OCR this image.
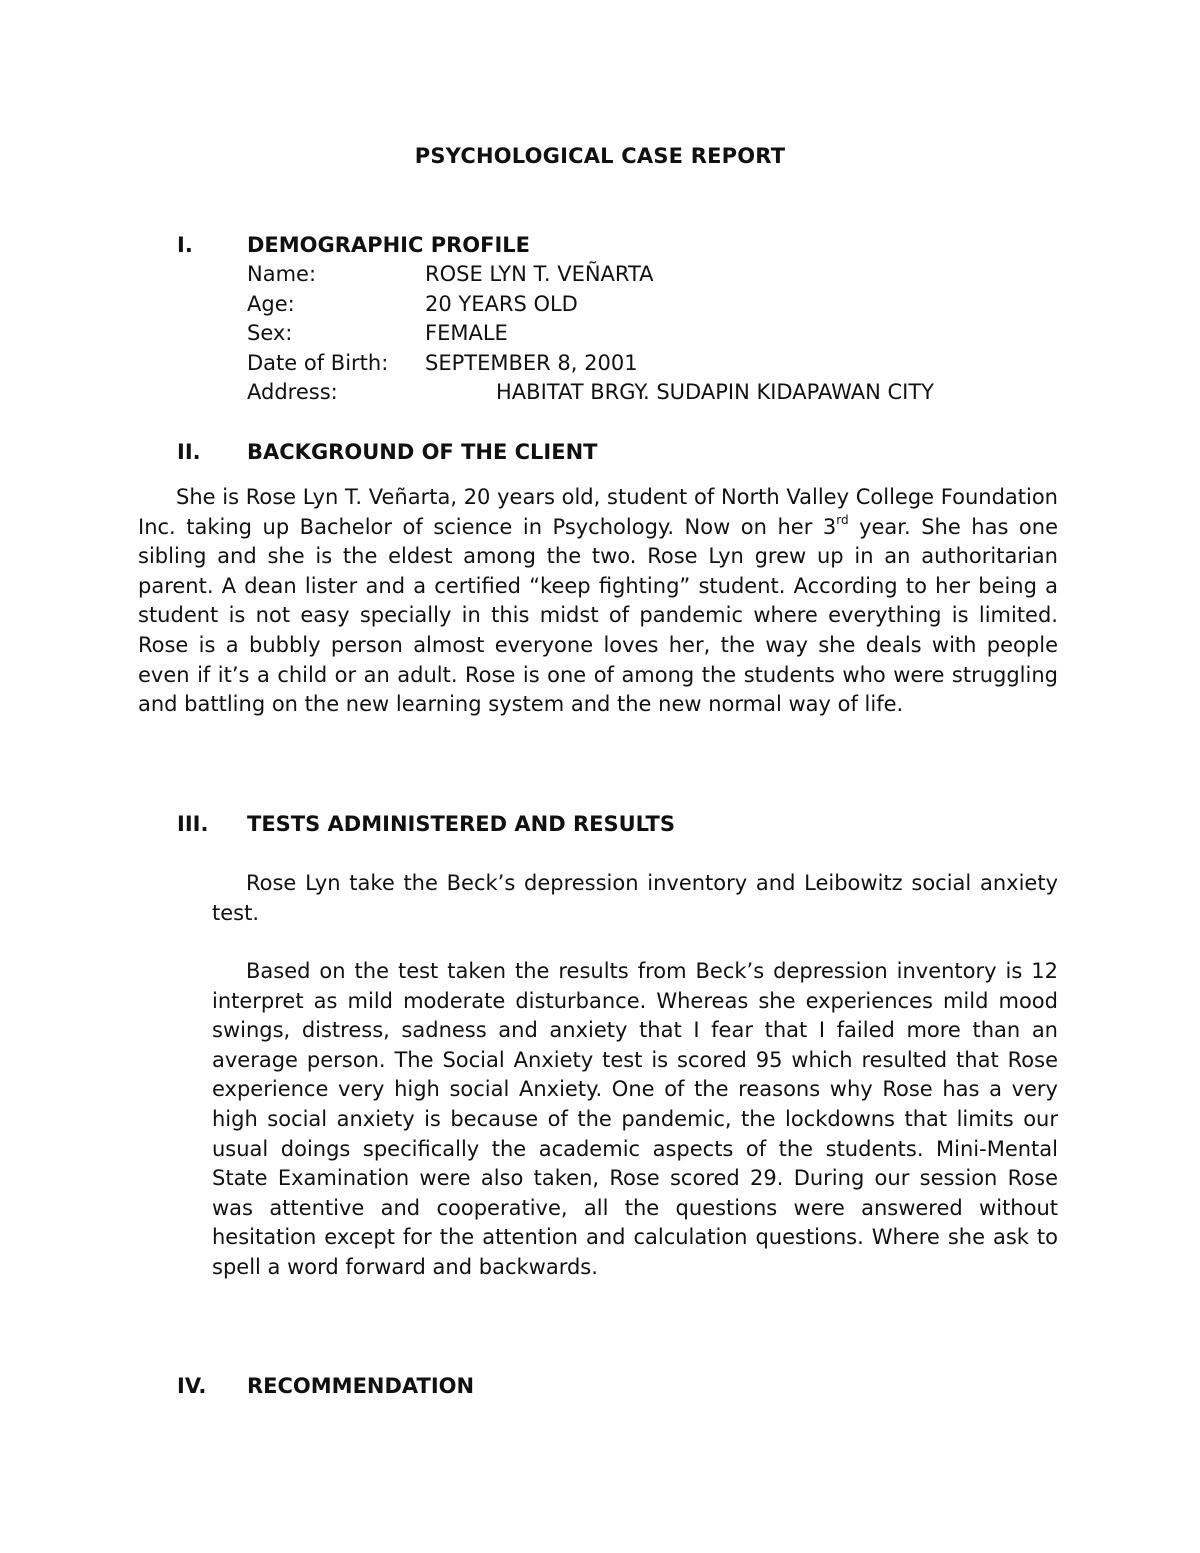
PSYCHOLOGICAL CASE REPORT
I.	DEMOGRAPHIC PROFILE
Name:	ROSE LYN T. VEÑARTA
Age:	20 YEARS OLD
Sex:	FEMALE
Date of Birth: SEPTEMBER 8, 2001
Address:	HABITAT BRGY. SUDAPIN KIDAPAWAN CITY
II. BACKGROUND OF THE CLIENT
She is Rose Lyn T. Veñarta, 20 years old, student of North Valley College Foundation Inc. taking up Bachelor of science in Psychology. Now on her 3rd year. She has one sibling and she is the eldest among the two. Rose Lyn grew up in an authoritarian parent. A dean lister and a certified “keep fighting” student. According to her being a student is not easy specially in this midst of pandemic where everything is limited. Rose is a bubbly person almost everyone loves her, the way she deals with people even if it’s a child or an adult. Rose is one of among the students who were struggling and battling on the new learning system and the new normal way of life.
III. TESTS ADMINISTERED AND RESULTS
Rose Lyn take the Beck’s depression inventory and Leibowitz social anxiety test.
Based on the test taken the results from Beck’s depression inventory is 12 interpret as mild moderate disturbance. Whereas she experiences mild mood swings, distress, sadness and anxiety that I fear that I failed more than an average person. The Social Anxiety test is scored 95 which resulted that Rose experience very high social Anxiety. One of the reasons why Rose has a very high social anxiety is because of the pandemic, the lockdowns that limits our usual doings specifically the academic aspects of the students. Mini-Mental State Examination were also taken, Rose scored 29. During our session Rose was attentive and cooperative, all the questions were answered without hesitation except for the attention and calculation questions. Where she ask to spell a word forward and backwards.
IV. RECOMMENDATION
